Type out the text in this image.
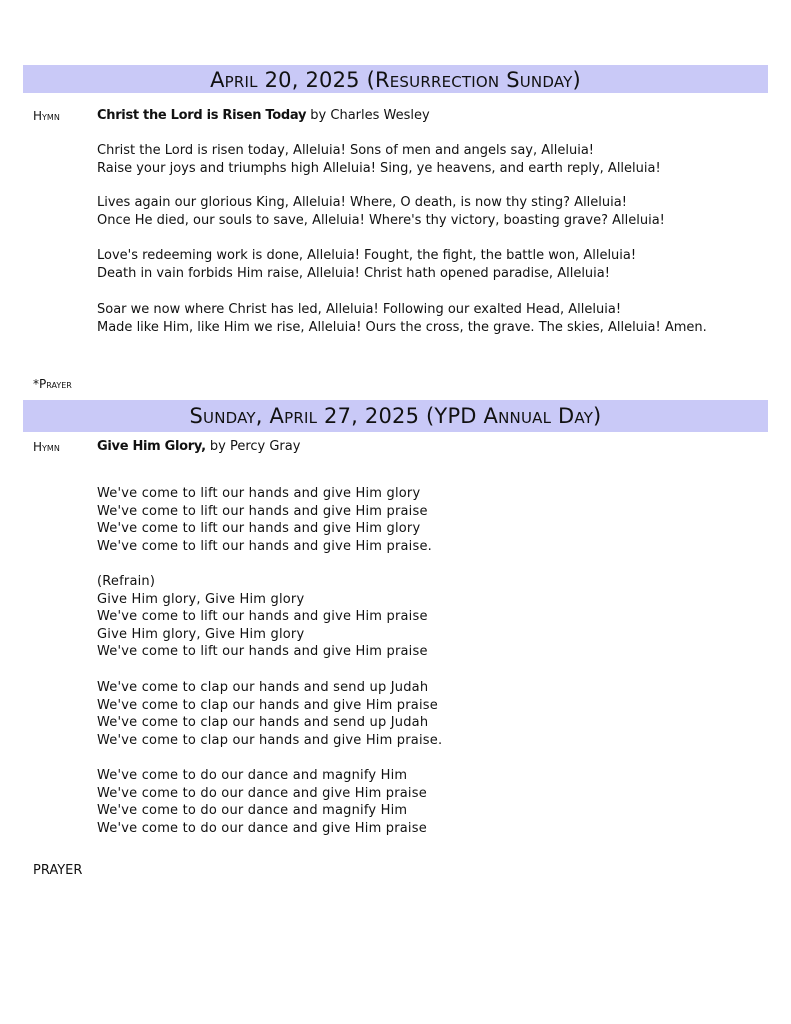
April 20, 2025 (Resurrection Sunday)
Hymn	Christ the Lord is Risen Today by Charles Wesley
Christ the Lord is risen today, Alleluia! Sons of men and angels say, Alleluia!
Raise your joys and triumphs high Alleluia! Sing, ye heavens, and earth reply, Alleluia!
Lives again our glorious King, Alleluia! Where, O death, is now thy sting? Alleluia!
Once He died, our souls to save, Alleluia! Where's thy victory, boasting grave? Alleluia!
Love's redeeming work is done, Alleluia! Fought, the fight, the battle won, Alleluia!
Death in vain forbids Him raise, Alleluia! Christ hath opened paradise, Alleluia!
Soar we now where Christ has led, Alleluia! Following our exalted Head, Alleluia!
Made like Him, like Him we rise, Alleluia! Ours the cross, the grave. The skies, Alleluia! Amen.
*Prayer
Sunday, April 27, 2025 (YPD Annual Day)
Hymn	Give Him Glory, by Percy Gray
We've come to lift our hands and give Him glory
We've come to lift our hands and give Him praise
We've come to lift our hands and give Him glory
We've come to lift our hands and give Him praise.
(Refrain)
Give Him glory, Give Him glory
We've come to lift our hands and give Him praise
Give Him glory, Give Him glory
We've come to lift our hands and give Him praise
We've come to clap our hands and send up Judah
We've come to clap our hands and give Him praise
We've come to clap our hands and send up Judah
We've come to clap our hands and give Him praise.
We've come to do our dance and magnify Him
We've come to do our dance and give Him praise
We've come to do our dance and magnify Him
We've come to do our dance and give Him praise
PRAYER
